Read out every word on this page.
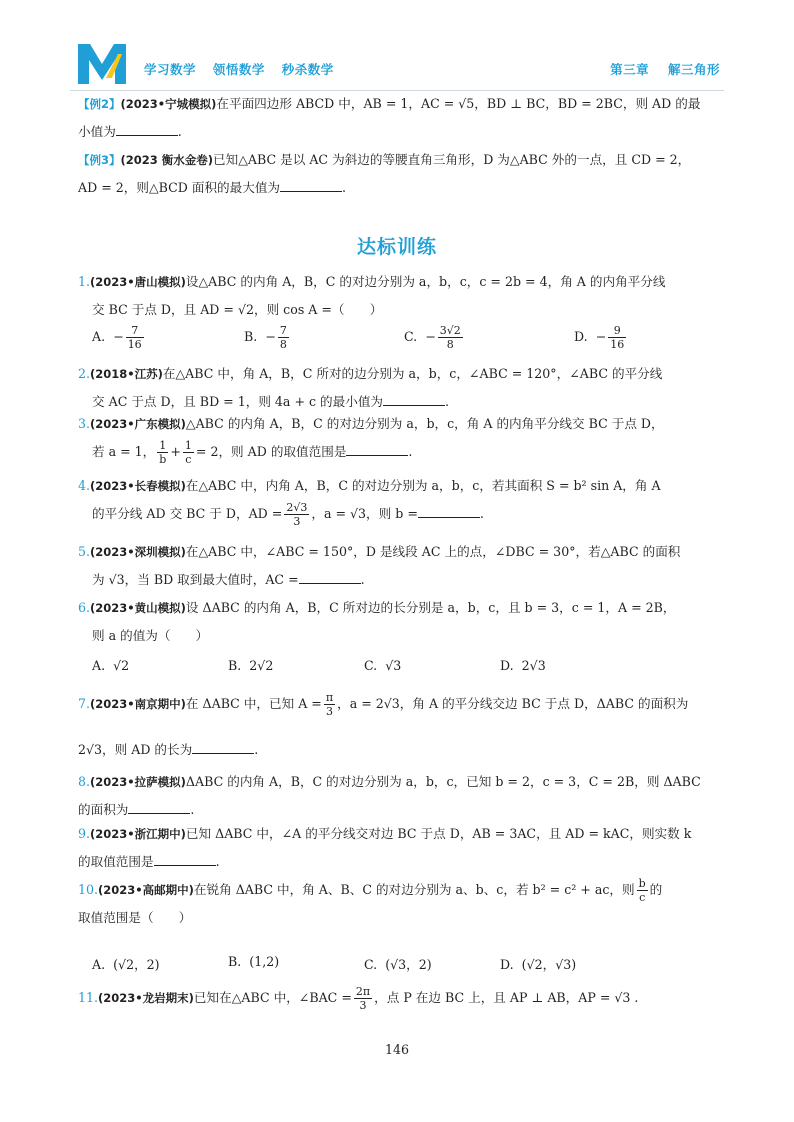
学习数学 领悟数学 秒杀数学	第三章 解三角形
【例2】(2023•宁城模拟)在平面四边形 ABCD 中，AB = 1，AC = √5，BD ⊥ BC，BD = 2BC，则 AD 的最
小值为	.
【例3】(2023 衡水金卷)已知△ABC 是以 AC 为斜边的等腰直角三角形，D 为△ABC 外的一点，且 CD = 2，
AD = 2，则△BCD 面积的最大值为	.
达标训练
1.(2023•唐山模拟)设△ABC 的内角 A，B，C 的对边分别为 a，b，c，c = 2b = 4，角 A 的内角平分线
交 BC 于点 D，且 AD = √2，则 cos A =（　　）
A. − $\frac{7}{16}$	B. − $\frac{7}{8}$	C. − $\frac{3√2}{8}$	D. − $\frac{9}{16}$
2.(2018•江苏)在△ABC 中，角 A，B，C 所对的边分别为 a，b，c，∠ABC = 120°，∠ABC 的平分线
交 AC 于点 D，且 BD = 1，则 4a + c 的最小值为	.
3.(2023•广东模拟)△ABC 的内角 A，B，C 的对边分别为 a，b，c，角 A 的内角平分线交 BC 于点 D，
若 a = 1， $\frac{1}{b} + \frac{1}{c} = 2$，则 AD 的取值范围是	.
4.(2023•长春模拟)在△ABC 中，内角 A，B，C 的对边分别为 a，b，c，若其面积 S = b² sin A，角 A
的平分线 AD 交 BC 于 D，AD = $\frac{2√3}{3}$ ，a = √3，则 b =	.
5.(2023•深圳模拟)在△ABC 中，∠ABC = 150°，D 是线段 AC 上的点，∠DBC = 30°，若△ABC 的面积
为 √3，当 BD 取到最大值时，AC =	.
6.(2023•黄山模拟)设 ΔABC 的内角 A，B，C 所对边的长分别是 a，b，c，且 b = 3，c = 1，A = 2B，
则 a 的值为（　　）
A. √2	B. 2√2	C. √3	D. 2√3
7.(2023•南京期中)在 ΔABC 中，已知 $A = \frac{\pi}{3}$ ，a = 2√3，角 A 的平分线交边 BC 于点 D，ΔABC 的面积为
2√3，则 AD 的长为	.
8.(2023•拉萨模拟)ΔABC 的内角 A，B，C 的对边分别为 a，b，c，已知 b = 2，c = 3，C = 2B，则 ΔABC
的面积为	.
9.(2023•浙江期中)已知 ΔABC 中，∠A 的平分线交对边 BC 于点 D，AB = 3AC，且 AD = kAC，则实数 k
的取值范围是	.
10.(2023•高邮期中)在锐角 ΔABC 中，角 A、B、C 的对边分别为 a、b、c，若 b² = c² + ac，则 $\frac{b}{c}$ 的
取值范围是（　　）
A. (√2，2)	B. (1,2)	C. (√3，2)	D. (√2，√3)
11.(2023•龙岩期末)已知在△ABC 中，∠BAC = $\frac{2\pi}{3}$ ，点 P 在边 BC 上，且 AP ⊥ AB，AP = √3 .
146
